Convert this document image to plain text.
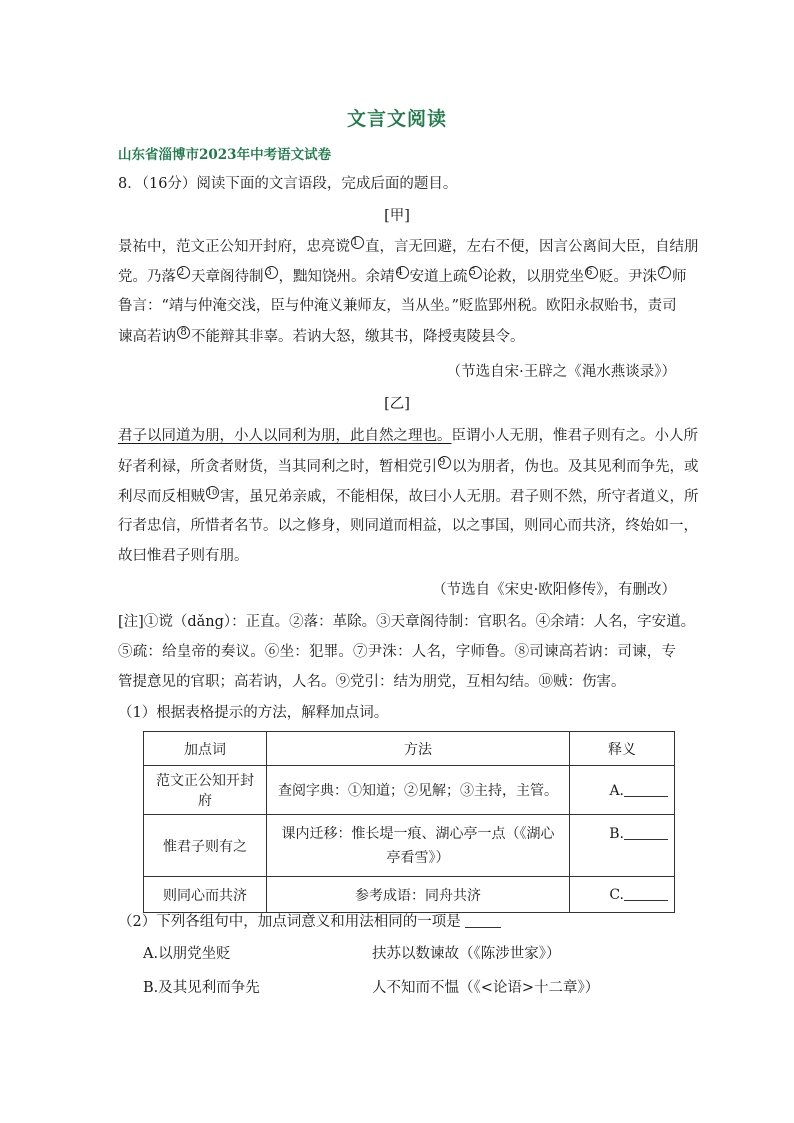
文言文阅读
山东省淄博市2023年中考语文试卷
8．（16分）阅读下面的文言语段，完成后面的题目。
[甲]
景祐中，范文正公知开封府，忠亮谠 $^1$ 直，言无回避，左右不便，因言公离间大臣，自结朋
党。乃落 $^2$ 天章阁待制 $^3$ ，黜知饶州。余靖 $^4$ 安道上疏 $^5$ 论救，以朋党坐 $^6$ 贬。尹洙 $^7$ 师
鲁言：“靖与仲淹交浅，臣与仲淹义兼师友，当从坐。”贬监郢州税。欧阳永叔贻书，责司
谏高若讷 $^8$ 不能辩其非辜。若讷大怒，缴其书，降授夷陵县令。
（节选自宋·王辟之《渑水燕谈录》）
[乙]
君子以同道为朋，小人以同利为朋，此自然之理也。臣谓小人无朋，惟君子则有之。小人所
好者利禄，所贪者财货，当其同利之时，暂相党引 $^9$ 以为朋者，伪也。及其见利而争先，或
利尽而反相贼 $^{10}$ 害，虽兄弟亲戚，不能相保，故曰小人无朋。君子则不然，所守者道义，所
行者忠信，所惜者名节。以之修身，则同道而相益，以之事国，则同心而共济，终始如一，
故曰惟君子则有朋。
（节选自《宋史·欧阳修传》，有删改）
[注]①谠（dǎng）：正直。②落：革除。③天章阁待制：官职名。④余靖：人名，字安道。
⑤疏：给皇帝的奏议。⑥坐：犯罪。⑦尹洙：人名，字师鲁。⑧司谏高若讷：司谏，专
管提意见的官职；高若讷，人名。⑨党引：结为朋党，互相勾结。⑩贼：伤害。
（1）根据表格提示的方法，解释加点词。
加点词	方法	释义
范文正公知开封府	查阅字典：①知道；②见解；③主持，主管。	A.
惟君子则有之	课内迁移：惟长堤一痕、湖心亭一点（《湖心亭看雪》）	B.
则同心而共济	参考成语：同舟共济	C.
（2）下列各组句中，加点词意义和用法相同的一项是
A.以朋党坐贬	扶苏以数谏故（《陈涉世家》）
B.及其见利而争先	人不知而不愠（《<论语>十二章》）
